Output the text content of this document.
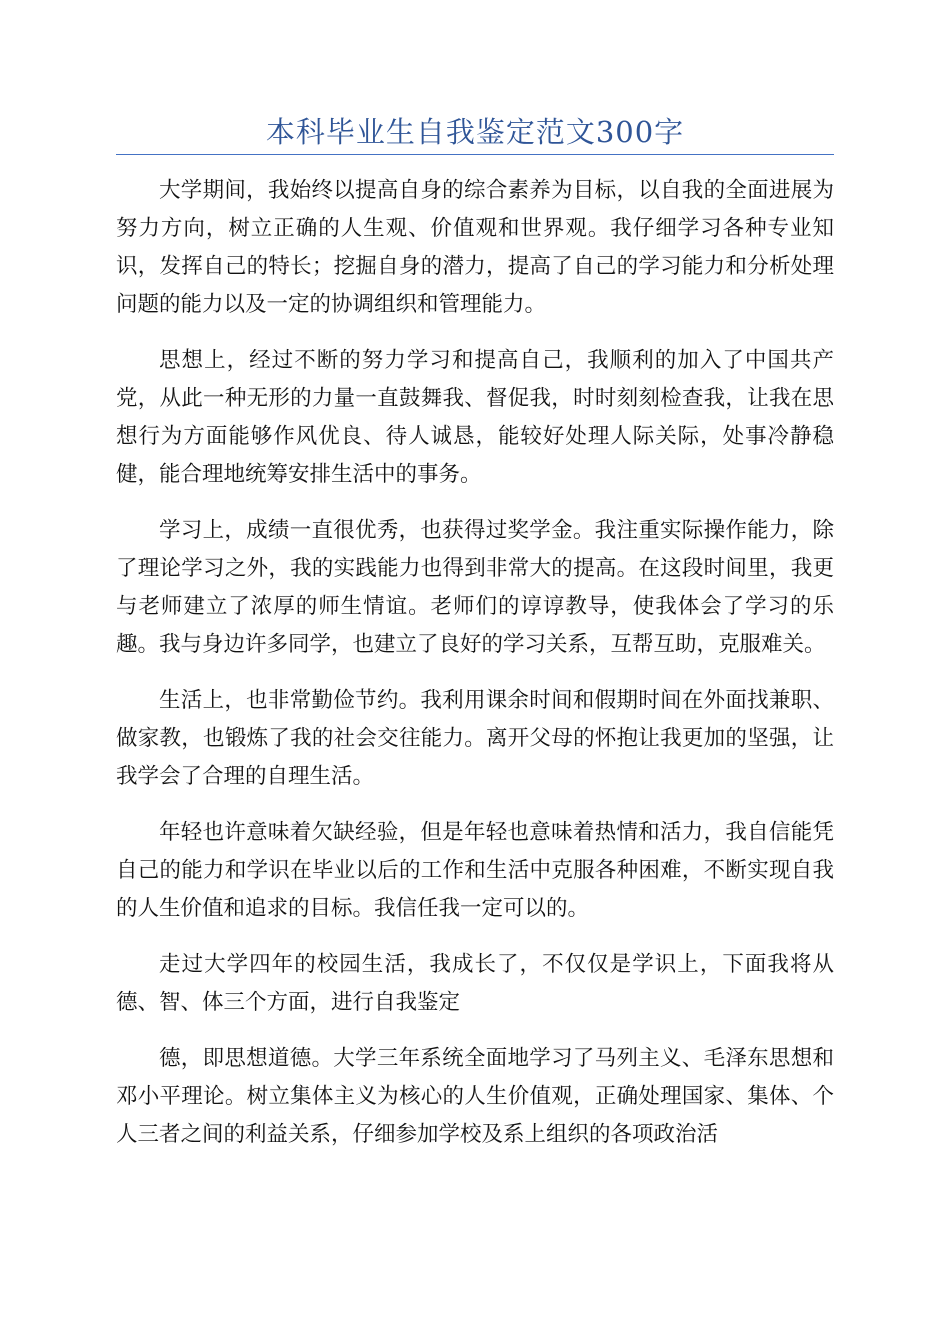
本科毕业生自我鉴定范文300字

大学期间，我始终以提高自身的综合素养为目标，以自我的全面进展为努力方向，树立正确的人生观、价值观和世界观。我仔细学习各种专业知识，发挥自己的特长；挖掘自身的潜力，提高了自己的学习能力和分析处理问题的能力以及一定的协调组织和管理能力。

思想上，经过不断的努力学习和提高自己，我顺利的加入了中国共产党，从此一种无形的力量一直鼓舞我、督促我，时时刻刻检查我，让我在思想行为方面能够作风优良、待人诚恳，能较好处理人际关际，处事冷静稳健，能合理地统筹安排生活中的事务。

学习上，成绩一直很优秀，也获得过奖学金。我注重实际操作能力，除了理论学习之外，我的实践能力也得到非常大的提高。在这段时间里，我更与老师建立了浓厚的师生情谊。老师们的谆谆教导，使我体会了学习的乐趣。我与身边许多同学，也建立了良好的学习关系，互帮互助，克服难关。

生活上，也非常勤俭节约。我利用课余时间和假期时间在外面找兼职、做家教，也锻炼了我的社会交往能力。离开父母的怀抱让我更加的坚强，让我学会了合理的自理生活。

年轻也许意味着欠缺经验，但是年轻也意味着热情和活力，我自信能凭自己的能力和学识在毕业以后的工作和生活中克服各种困难，不断实现自我的人生价值和追求的目标。我信任我一定可以的。

走过大学四年的校园生活，我成长了，不仅仅是学识上，下面我将从德、智、体三个方面，进行自我鉴定

德，即思想道德。大学三年系统全面地学习了马列主义、毛泽东思想和邓小平理论。树立集体主义为核心的人生价值观，正确处理国家、集体、个人三者之间的利益关系，仔细参加学校及系上组织的各项政治活
